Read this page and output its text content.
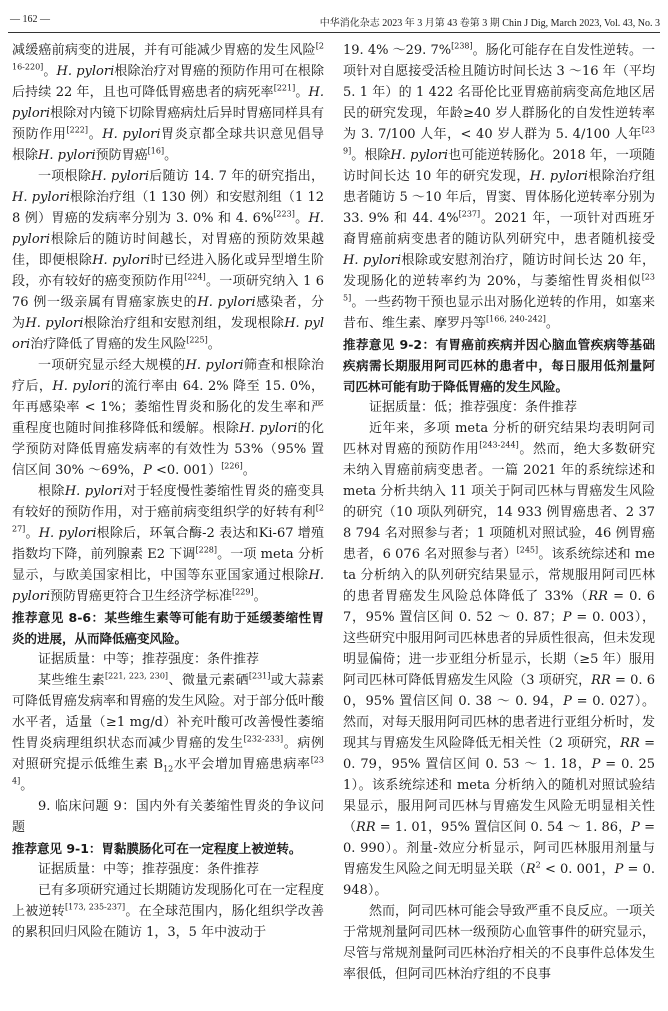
— 162 —	中华消化杂志 2023 年 3 月第 43 卷第 3 期 Chin J Dig, March 2023, Vol. 43, No. 3

减缓癌前病变的进展，并有可能减少胃癌的发生风险[216-220]。H. pylori根除治疗对胃癌的预防作用可在根除后持续 22 年，且也可降低胃癌患者的病死率[221]。H. pylori根除对内镜下切除胃癌病灶后异时胃癌同样具有预防作用[222]。H. pylori胃炎京都全球共识意见倡导根除H. pylori预防胃癌[16]。

一项根除H. pylori后随访 14. 7 年的研究指出，H. pylori根除治疗组（1 130 例）和安慰剂组（1 128 例）胃癌的发病率分别为 3. 0% 和 4. 6%[223]。H. pylori根除后的随访时间越长，对胃癌的预防效果越佳，即便根除H. pylori时已经进入肠化或异型增生阶段，亦有较好的癌变预防作用[224]。一项研究纳入 1 676 例一级亲属有胃癌家族史的H. pylori感染者，分为H. pylori根除治疗组和安慰剂组，发现根除H. pylori治疗降低了胃癌的发生风险[225]。

一项研究显示经大规模的H. pylori筛查和根除治疗后，H. pylori的流行率由 64. 2% 降至 15. 0%，年再感染率 < 1%；萎缩性胃炎和肠化的发生率和严重程度也随时间推移降低和缓解。根除H. pylori的化学预防对降低胃癌发病率的有效性为 53%（95% 置信区间 30% ～69%，P <0. 001）[226]。

根除H. pylori对于轻度慢性萎缩性胃炎的癌变具有较好的预防作用，对于癌前病变组织学的好转有利[227]。H. pylori根除后，环氧合酶-2 表达和Ki-67 增殖指数均下降，前列腺素 E2 下调[228]。一项 meta 分析显示，与欧美国家相比，中国等东亚国家通过根除H. pylori预防胃癌更符合卫生经济学标准[229]。

推荐意见 8-6：某些维生素等可能有助于延缓萎缩性胃炎的进展，从而降低癌变风险。

证据质量：中等；推荐强度：条件推荐

某些维生素[221, 223, 230]、微量元素硒[231]或大蒜素可降低胃癌发病率和胃癌的发生风险。对于部分低叶酸水平者，适量（≥1 mg/d）补充叶酸可改善慢性萎缩性胃炎病理组织状态而减少胃癌的发生[232-233]。病例对照研究提示低维生素 $B_{12}$水平会增加胃癌患病率[234]。

9. 临床问题 9：国内外有关萎缩性胃炎的争议问题

推荐意见 9-1：胃黏膜肠化可在一定程度上被逆转。

证据质量：中等；推荐强度：条件推荐

已有多项研究通过长期随访发现肠化可在一定程度上被逆转[173, 235-237]。在全球范围内，肠化组织学改善的累积回归风险在随访 1，3，5 年中波动于

19. 4% ～29. 7%[238]。肠化可能存在自发性逆转。一项针对自愿接受活检且随访时间长达 3 ～16 年（平均 5. 1 年）的 1 422 名哥伦比亚胃癌前病变高危地区居民的研究发现，年龄≥40 岁人群肠化的自发性逆转率为 3. 7/100 人年，< 40 岁人群为 5. 4/100 人年[239]。根除H. pylori也可能逆转肠化。2018 年，一项随访时间长达 10 年的研究发现，H. pylori根除治疗组患者随访 5 ～10 年后，胃窦、胃体肠化逆转率分别为 33. 9% 和 44. 4%[237]。2021 年，一项针对西班牙裔胃癌前病变患者的随访队列研究中，患者随机接受H. pylori根除或安慰剂治疗，随访时间长达 20 年，发现肠化的逆转率约为 20%，与萎缩性胃炎相似[235]。一些药物干预也显示出对肠化逆转的作用，如塞来昔布、维生素、摩罗丹等[166, 240-242]。

推荐意见 9-2：有胃癌前疾病并因心脑血管疾病等基础疾病需长期服用阿司匹林的患者中，每日服用低剂量阿司匹林可能有助于降低胃癌的发生风险。

证据质量：低；推荐强度：条件推荐

近年来，多项 meta 分析的研究结果均表明阿司匹林对胃癌的预防作用[243-244]。然而，绝大多数研究未纳入胃癌前病变患者。一篇 2021 年的系统综述和 meta 分析共纳入 11 项关于阿司匹林与胃癌发生风险的研究（10 项队列研究，14 933 例胃癌患者、2 378 794 名对照参与者；1 项随机对照试验，46 例胃癌患者，6 076 名对照参与者）[245]。该系统综述和 meta 分析纳入的队列研究结果显示，常规服用阿司匹林的患者胃癌发生风险总体降低了 33%（RR = 0. 67，95% 置信区间 0. 52 ～ 0. 87；P = 0. 003），这些研究中服用阿司匹林患者的异质性很高，但未发现明显偏倚；进一步亚组分析显示，长期（≥5 年）服用阿司匹林可降低胃癌发生风险（3 项研究，RR = 0. 60，95% 置信区间 0. 38 ～ 0. 94，P = 0. 027）。然而，对每天服用阿司匹林的患者进行亚组分析时，发现其与胃癌发生风险降低无相关性（2 项研究，RR = 0. 79，95% 置信区间 0. 53 ～ 1. 18，P = 0. 251）。该系统综述和 meta 分析纳入的随机对照试验结果显示，服用阿司匹林与胃癌发生风险无明显相关性（RR = 1. 01，95% 置信区间 0. 54 ～ 1. 86，P = 0. 990）。剂量-效应分析显示，阿司匹林服用剂量与胃癌发生风险之间无明显关联（$R^2 < 0$. 001，P = 0. 948）。

然而，阿司匹林可能会导致严重不良反应。一项关于常规剂量阿司匹林一级预防心血管事件的研究显示，尽管与常规剂量阿司匹林治疗相关的不良事件总体发生率很低，但阿司匹林治疗组的不良事
